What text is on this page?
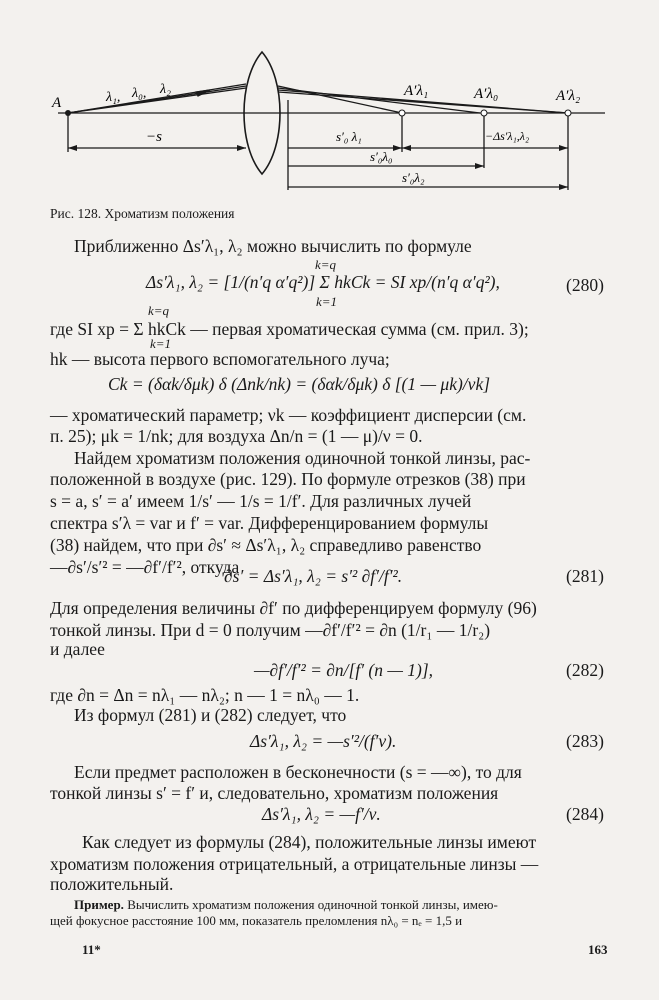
A	λ₁, λ₀, λ₂	A′λ₁	A′λ₀	A′λ₂
−s	s′₀ λ₁	−Δs′λ₁,λ₂
s′₀λ₀
s′₀λ₂
Рис. 128. Хроматизм положения
Приближенно Δs′λ₁, λ₂ можно вычислить по формуле
k=q
Δs′λ₁, λ₂ = [1/(n′q α′q²)] Σ hkCk = SI xp/(n′q α′q²),
k=1
(280)
k=q
где SI xp = Σ hkCk — первая хроматическая сумма (см. прил. 3);
k=1
hk — высота первого вспомогательного луча;
Ck = (δαk/δμk) δ (Δnk/nk) = (δαk/δμk) δ [(1 — μk)/νk]
— хроматический параметр; νk — коэффициент дисперсии (см.
п. 25); μk = 1/nk; для воздуха Δn/n = (1 — μ)/ν = 0.
Найдем хроматизм положения одиночной тонкой линзы, рас-
положенной в воздухе (рис. 129). По формуле отрезков (38) при
s = a, s′ = a′ имеем 1/s′ — 1/s = 1/f′. Для различных лучей
спектра s′λ = var и f′ = var. Дифференцированием формулы
(38) найдем, что при ∂s′ ≈ Δs′λ₁, λ₂ справедливо равенство
—∂s′/s′² = —∂f′/f′², откуда
∂s′ = Δs′λ₁, λ₂ = s′² ∂f′/f′².	(281)
Для определения величины ∂f′ по дифференцируем формулу (96)
тонкой линзы. При d = 0 получим —∂f′/f′² = ∂n (1/r₁ — 1/r₂)
и далее
—∂f′/f′² = ∂n/[f′ (n — 1)],	(282)
где ∂n = Δn = nλ₁ — nλ₂; n — 1 = nλ₀ — 1.
Из формул (281) и (282) следует, что
Δs′λ₁, λ₂ = —s′²/(f′ν).	(283)
Если предмет расположен в бесконечности (s = —∞), то для
тонкой линзы s′ = f′ и, следовательно, хроматизм положения
Δs′λ₁, λ₂ = —f′/ν.	(284)
Как следует из формулы (284), положительные линзы имеют
хроматизм положения отрицательный, а отрицательные линзы —
положительный.
Пример. Вычислить хроматизм положения одиночной тонкой линзы, имею-
щей фокусное расстояние 100 мм, показатель преломления nλ₀ = nₑ = 1,5 и
11*	163
